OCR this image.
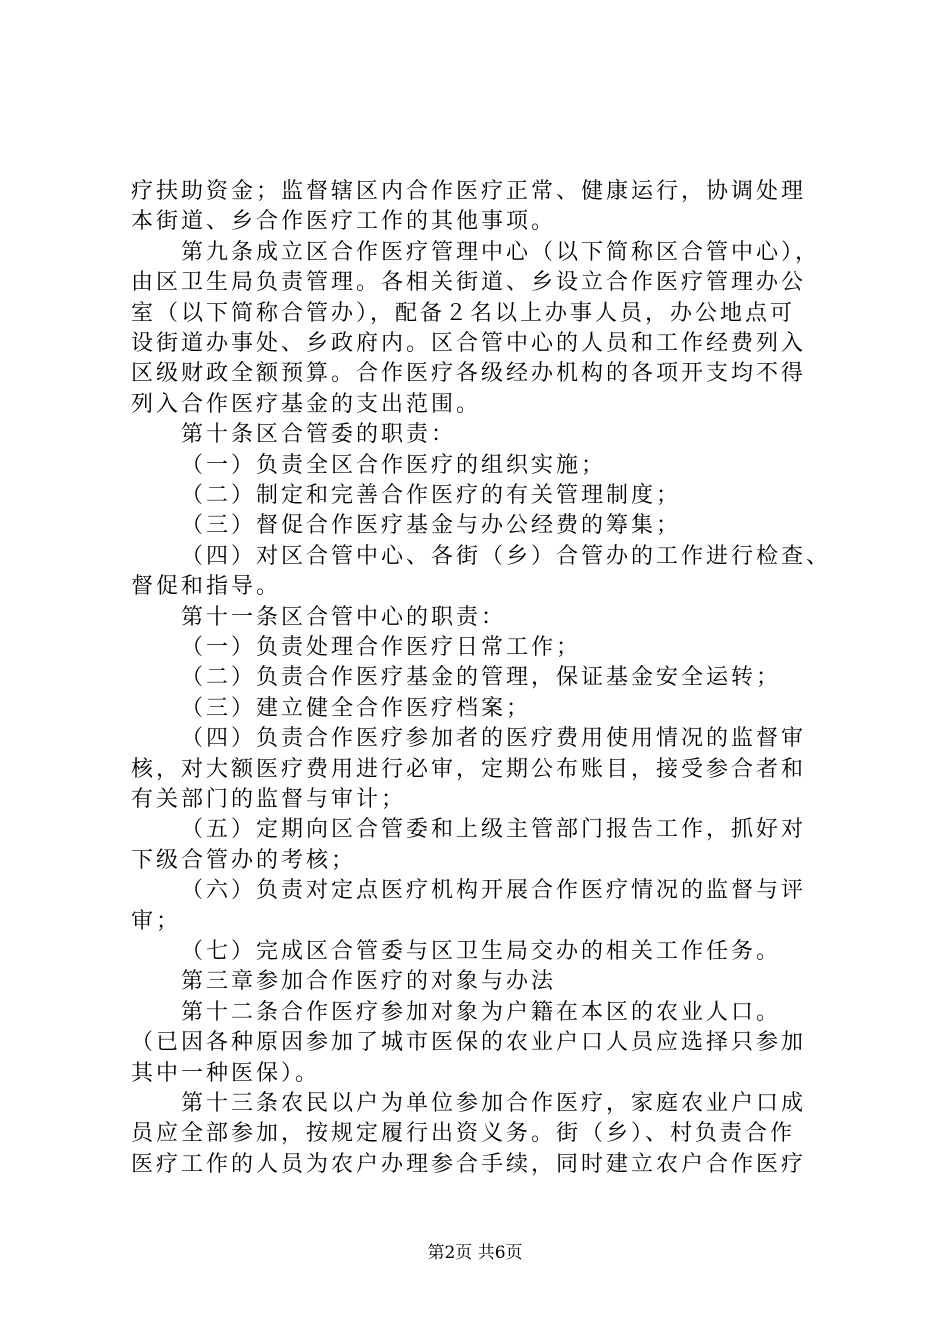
疗扶助资金；监督辖区内合作医疗正常、健康运行，协调处理
本街道、乡合作医疗工作的其他事项。
第九条成立区合作医疗管理中心（以下简称区合管中心），
由区卫生局负责管理。各相关街道、乡设立合作医疗管理办公
室（以下简称合管办），配备２名以上办事人员，办公地点可
设街道办事处、乡政府内。区合管中心的人员和工作经费列入
区级财政全额预算。合作医疗各级经办机构的各项开支均不得
列入合作医疗基金的支出范围。
第十条区合管委的职责：
（一）负责全区合作医疗的组织实施；
（二）制定和完善合作医疗的有关管理制度；
（三）督促合作医疗基金与办公经费的筹集；
（四）对区合管中心、各街（乡）合管办的工作进行检查、
督促和指导。
第十一条区合管中心的职责：
（一）负责处理合作医疗日常工作；
（二）负责合作医疗基金的管理，保证基金安全运转；
（三）建立健全合作医疗档案；
（四）负责合作医疗参加者的医疗费用使用情况的监督审
核，对大额医疗费用进行必审，定期公布账目，接受参合者和
有关部门的监督与审计；
（五）定期向区合管委和上级主管部门报告工作，抓好对
下级合管办的考核；
（六）负责对定点医疗机构开展合作医疗情况的监督与评
审；
（七）完成区合管委与区卫生局交办的相关工作任务。
第三章参加合作医疗的对象与办法
第十二条合作医疗参加对象为户籍在本区的农业人口。
（已因各种原因参加了城市医保的农业户口人员应选择只参加
其中一种医保）。
第十三条农民以户为单位参加合作医疗，家庭农业户口成
员应全部参加，按规定履行出资义务。街（乡）、村负责合作
医疗工作的人员为农户办理参合手续，同时建立农户合作医疗
第2页 共6页
